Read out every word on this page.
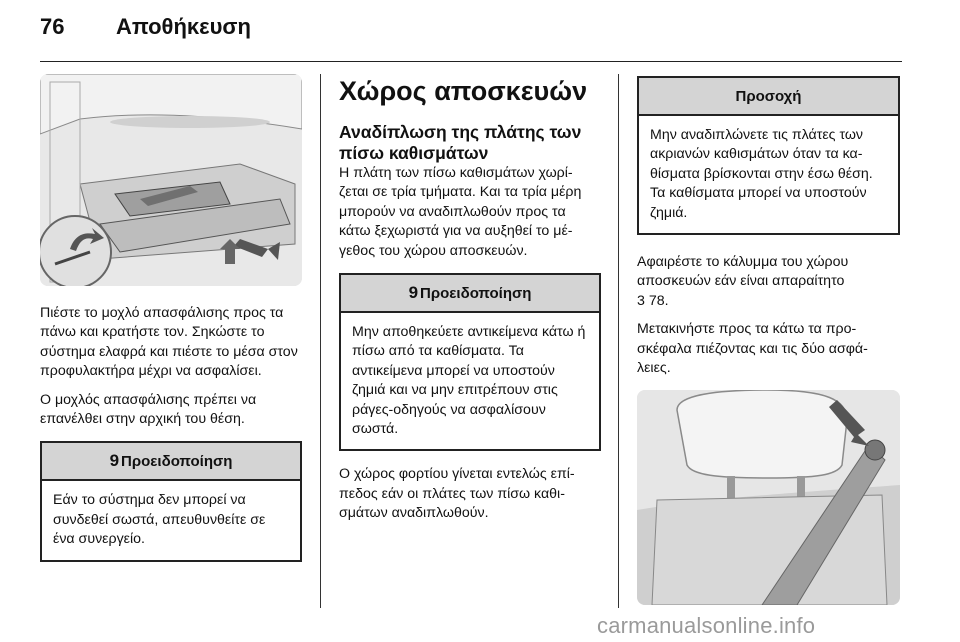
76 Αποθήκευση

Πιέστε το μοχλό απασφάλισης προς τα πάνω και κρατήστε τον. Σηκώστε το σύστημα ελαφρά και πιέστε το μέσα στον προφυλακτήρα μέχρι να ασφαλίσει.

Ο μοχλός απασφάλισης πρέπει να επανέλθει στην αρχική του θέση.

9 Προειδοποίηση
Εάν το σύστημα δεν μπορεί να συνδεθεί σωστά, απευθυνθείτε σε ένα συνεργείο.
Χώρος αποσκευών
Αναδίπλωση της πλάτης των πίσω καθισμάτων

Η πλάτη των πίσω καθισμάτων χωρί- ζεται σε τρία τμήματα. Και τα τρία μέρη μπορούν να αναδιπλωθούν προς τα κάτω ξεχωριστά για να αυξηθεί το μέ- γεθος του χώρου αποσκευών.

9 Προειδοποίηση
Μην αποθηκεύετε αντικείμενα κάτω ή πίσω από τα καθίσματα. Τα αντικείμενα μπορεί να υποστούν ζημιά και να μην επιτρέπουν στις ράγες-οδηγούς να ασφαλίσουν σωστά.

Ο χώρος φορτίου γίνεται εντελώς επί- πεδος εάν οι πλάτες των πίσω καθι- σμάτων αναδιπλωθούν.

Προσοχή
Μην αναδιπλώνετε τις πλάτες των ακριανών καθισμάτων όταν τα κα- θίσματα βρίσκονται στην έσω θέση. Τα καθίσματα μπορεί να υποστούν ζημιά.

Αφαιρέστε το κάλυμμα του χώρου αποσκευών εάν είναι απαραίτητο

3 78.

Μετακινήστε προς τα κάτω τα προ- σκέφαλα πιέζοντας και τις δύο ασφά- λειες.

carmanualsonline.info
